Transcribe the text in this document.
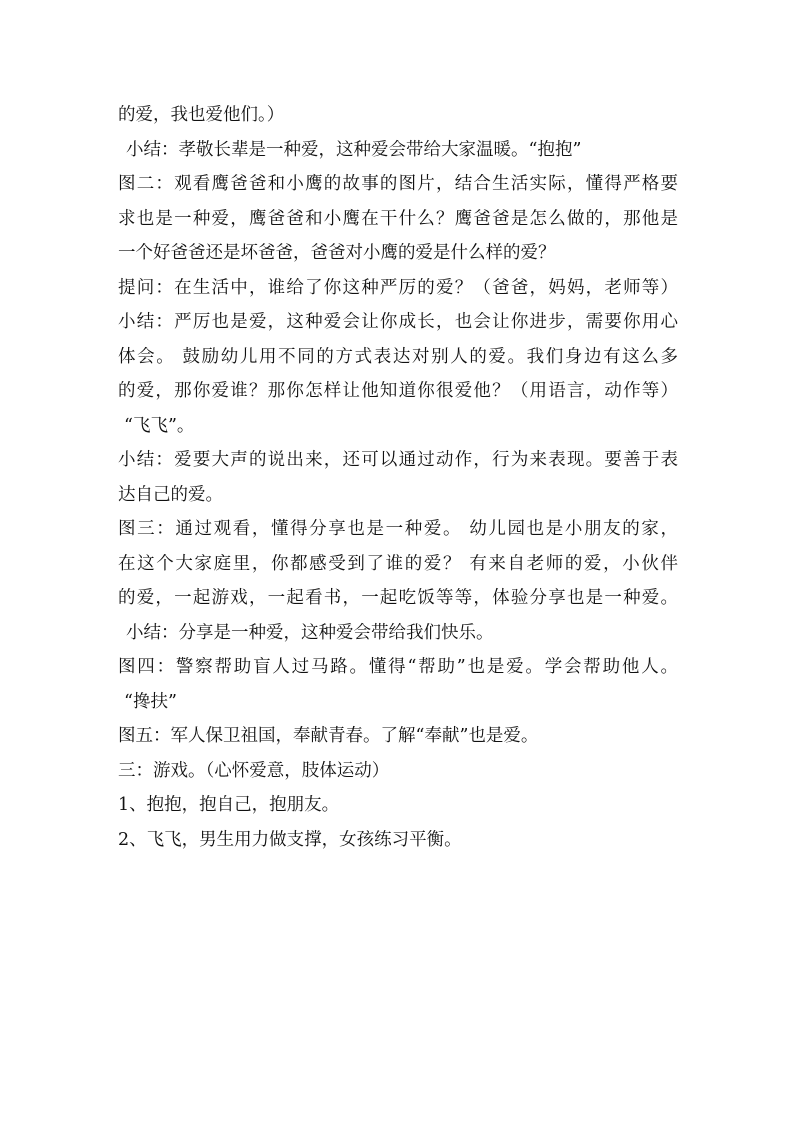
的爱，我也爱他们。）
小结：孝敬长辈是一种爱，这种爱会带给大家温暖。“抱抱”
图二：观看鹰爸爸和小鹰的故事的图片，结合生活实际，懂得严格要
求也是一种爱，鹰爸爸和小鹰在干什么？鹰爸爸是怎么做的，那他是
一个好爸爸还是坏爸爸，爸爸对小鹰的爱是什么样的爱？
提问：在生活中，谁给了你这种严厉的爱？（爸爸，妈妈，老师等）
小结：严厉也是爱，这种爱会让你成长，也会让你进步，需要你用心
体会。 鼓励幼儿用不同的方式表达对别人的爱。我们身边有这么多
的爱，那你爱谁？那你怎样让他知道你很爱他？（用语言，动作等）
“飞飞”。
小结：爱要大声的说出来，还可以通过动作，行为来表现。要善于表
达自己的爱。
图三：通过观看，懂得分享也是一种爱。 幼儿园也是小朋友的家，
在这个大家庭里，你都感受到了谁的爱？ 有来自老师的爱，小伙伴
的爱，一起游戏，一起看书，一起吃饭等等，体验分享也是一种爱。
小结：分享是一种爱，这种爱会带给我们快乐。
图四：警察帮助盲人过马路。懂得“帮助”也是爱。学会帮助他人。
“搀扶”
图五：军人保卫祖国，奉献青春。了解“奉献”也是爱。
三：游戏。（心怀爱意，肢体运动）
1、抱抱，抱自己，抱朋友。
2、飞飞，男生用力做支撑，女孩练习平衡。
